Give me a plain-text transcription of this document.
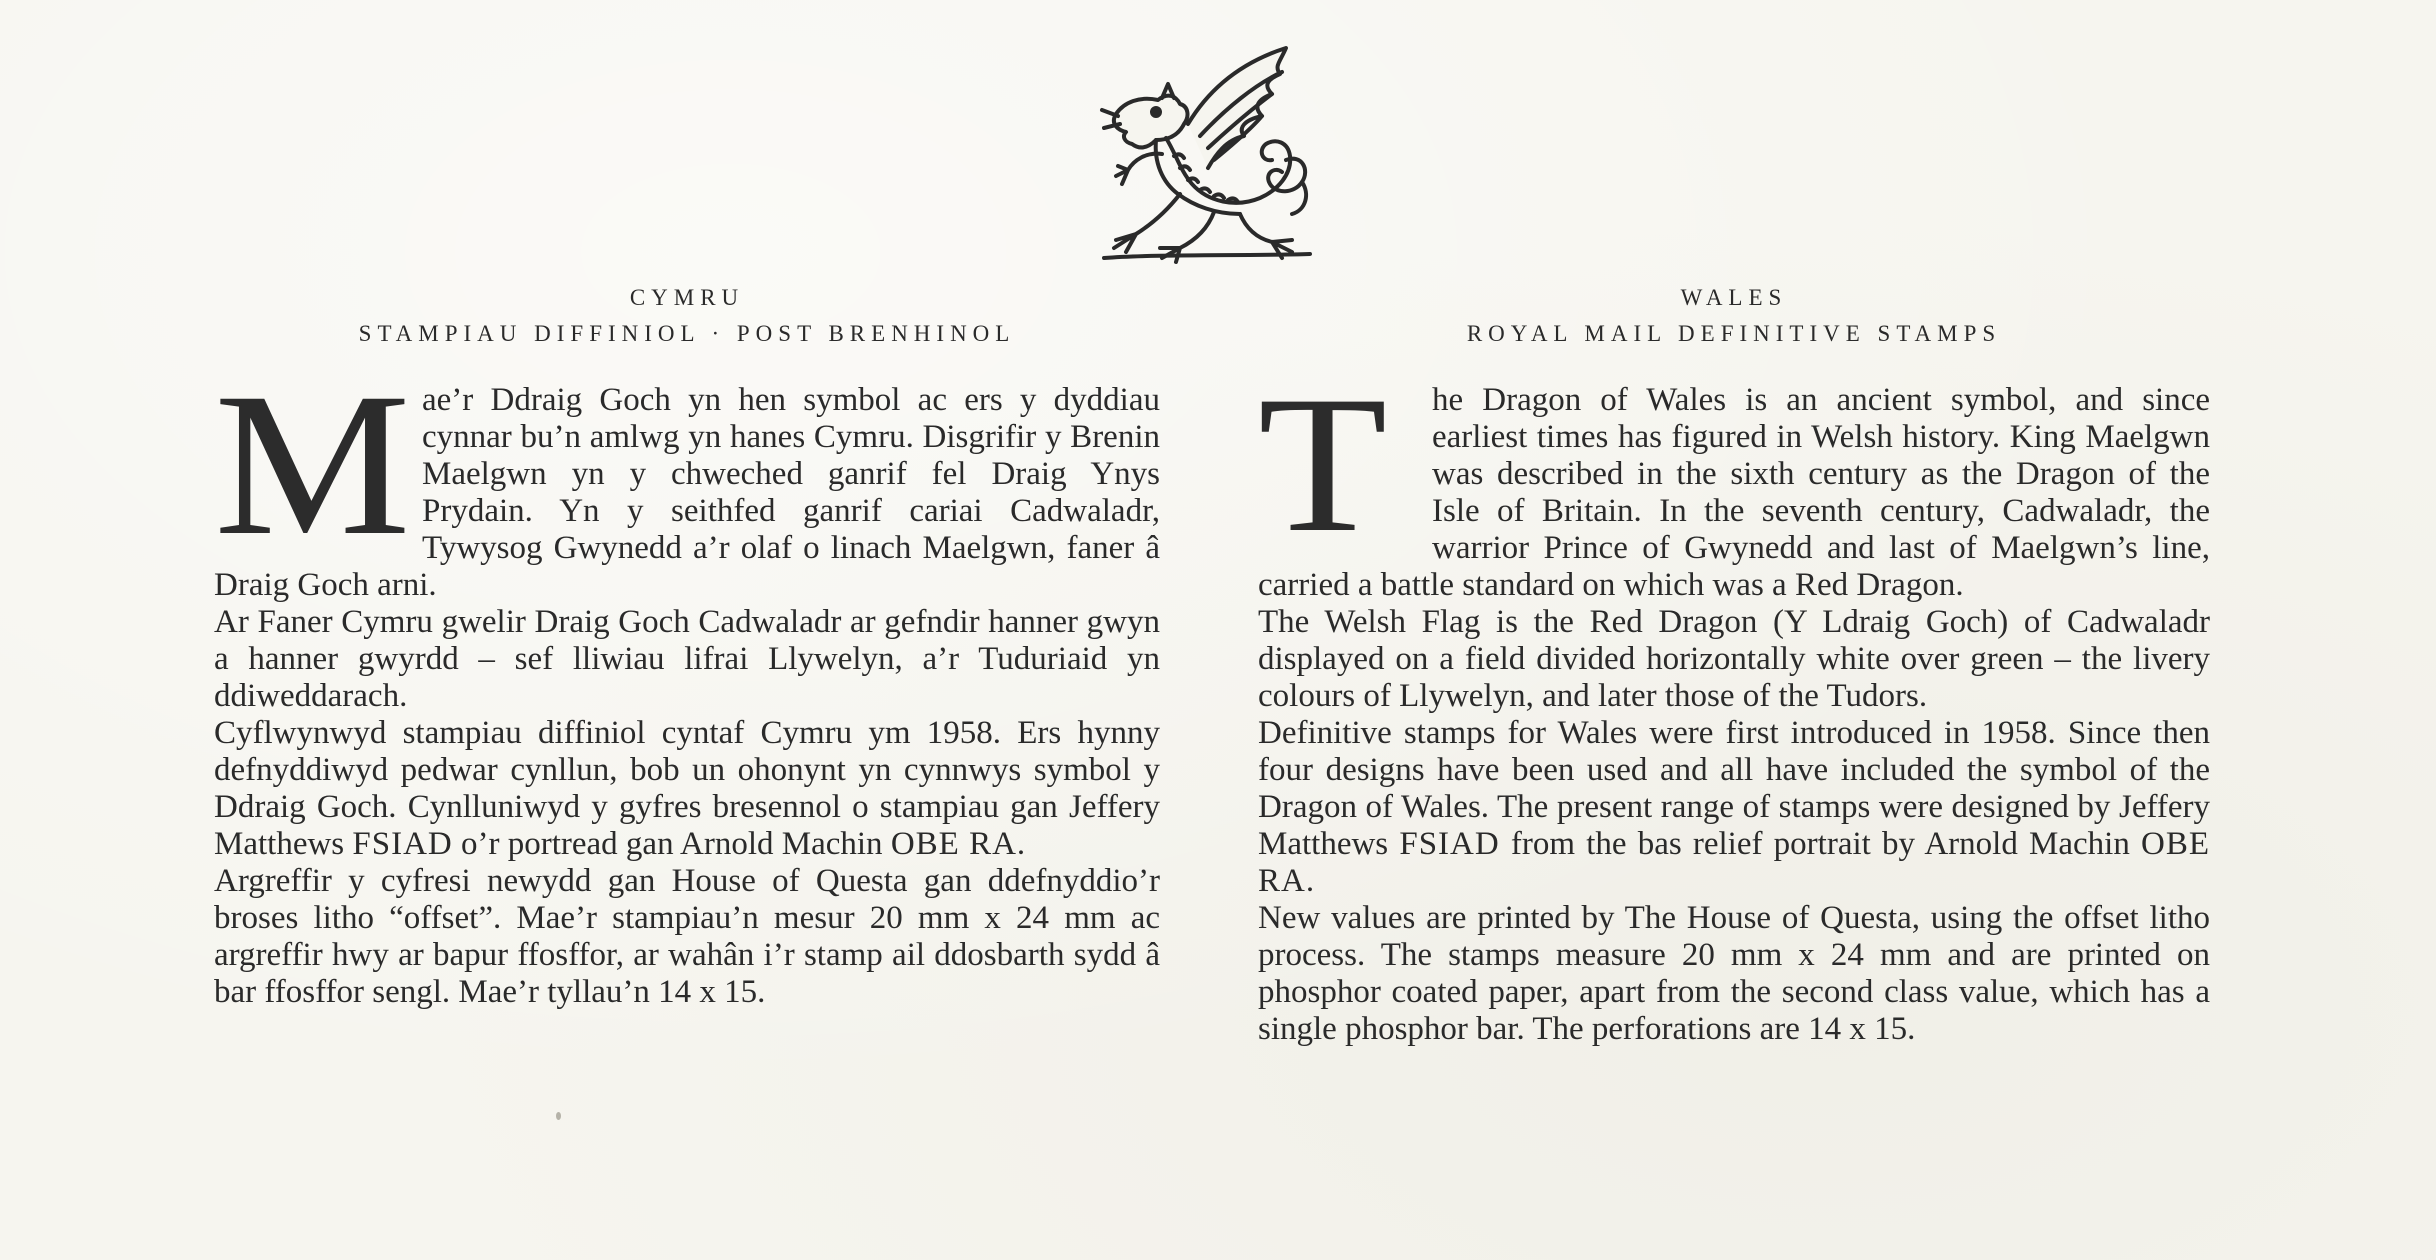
CYMRU
STAMPIAU DIFFINIOL · POST BRENHINOL
M ae’r Ddraig Goch yn hen symbol ac ers y dyddiau cynnar bu’n amlwg yn hanes Cymru. Disgrifir y Brenin Maelgwn yn y chweched ganrif fel Draig Ynys Prydain. Yn y seithfed ganrif cariai Cadwaladr, Tywysog Gwynedd a’r olaf o linach Maelgwn, faner â Draig Goch arni.

Ar Faner Cymru gwelir Draig Goch Cadwaladr ar gefndir hanner gwyn a hanner gwyrdd – sef lliwiau lifrai Llywelyn, a’r Tuduriaid yn ddiweddarach.

Cyflwynwyd stampiau diffiniol cyntaf Cymru ym 1958. Ers hynny defnyddiwyd pedwar cynllun, bob un ohonynt yn cynnwys symbol y Ddraig Goch. Cynlluniwyd y gyfres bresennol o stampiau gan Jeffery Matthews FSIAD o’r portread gan Arnold Machin OBE RA.

Argreffir y cyfresi newydd gan House of Questa gan ddefnyddio’r broses litho “offset”. Mae’r stampiau’n mesur 20 mm x 24 mm ac argreffir hwy ar bapur ffosffor, ar wahân i’r stamp ail ddosbarth sydd â bar ffosffor sengl. Mae’r tyllau’n 14 x 15.

WALES
ROYAL MAIL DEFINITIVE STAMPS
T	he Dragon of Wales is an ancient symbol, and since earliest times has figured in Welsh history. King Maelgwn was described in the sixth century as the Dragon of the Isle of Britain. In the seventh century, Cadwaladr, the warrior Prince of Gwynedd and last of Maelgwn’s line, carried a battle standard on which was a Red Dragon.

The Welsh Flag is the Red Dragon (Y Ldraig Goch) of Cadwaladr displayed on a field divided horizontally white over green – the livery colours of Llywelyn, and later those of the Tudors.

Definitive stamps for Wales were first introduced in 1958. Since then four designs have been used and all have included the symbol of the Dragon of Wales. The present range of stamps were designed by Jeffery Matthews FSIAD from the bas relief portrait by Arnold Machin OBE RA.

New values are printed by The House of Questa, using the offset litho process. The stamps measure 20 mm x 24 mm and are printed on phosphor coated paper, apart from the second class value, which has a single phosphor bar. The perforations are 14 x 15.
